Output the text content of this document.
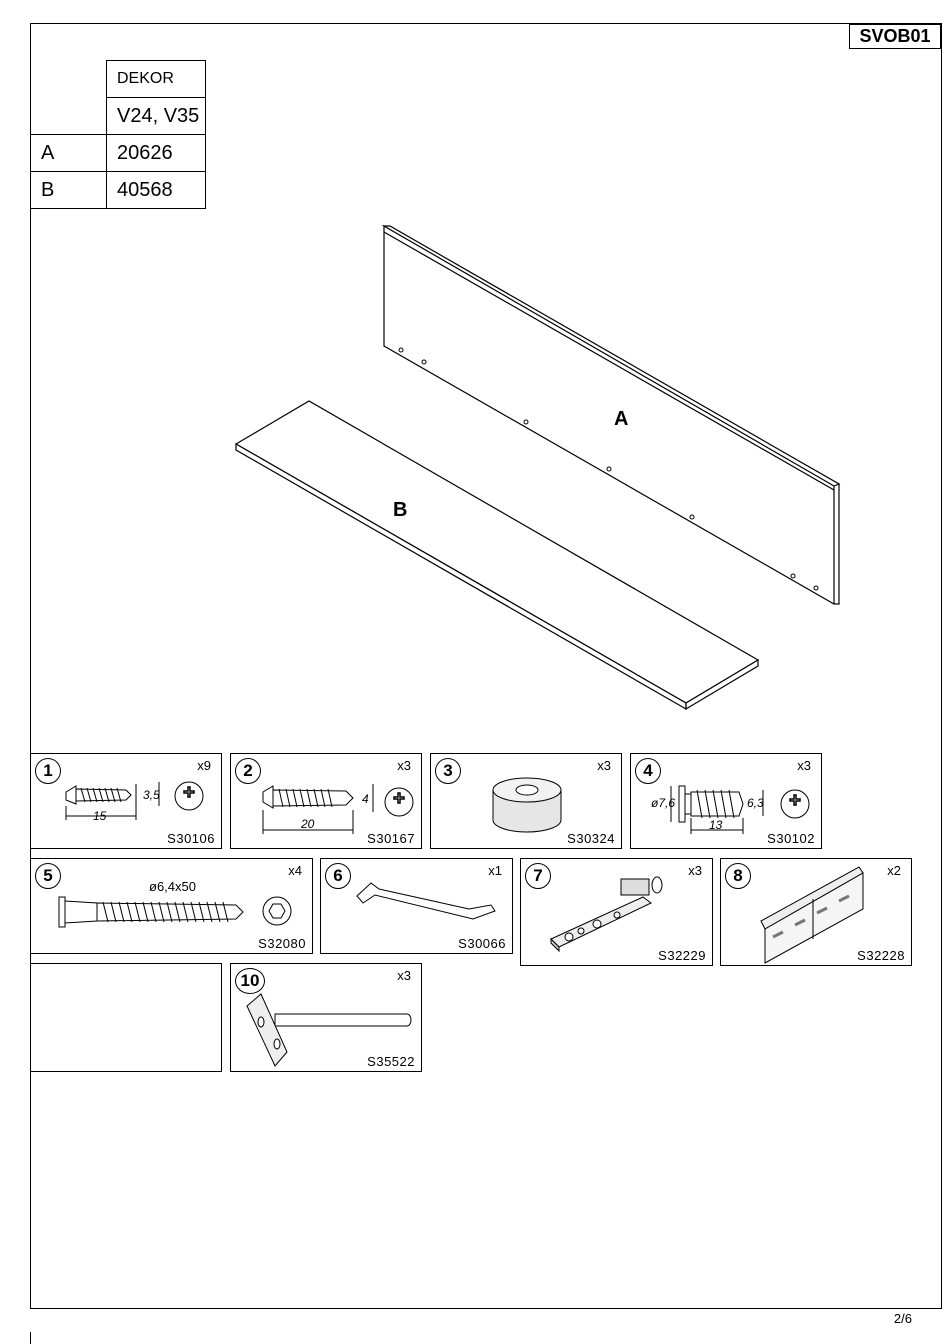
SVOB01
	DEKOR
	V24, V35
A	20626
B	40568
A
B
1	x9
15
3,5
S30106
2	x3
20
4
S30167
3	x3
S30324
4	x3
13
ø7,6	6,3
S30102
5	x4
ø6,4x50
S32080
6	x1
S30066
7	x3
S32229
8	x2
S32228
10	x3
S35522
2/6
